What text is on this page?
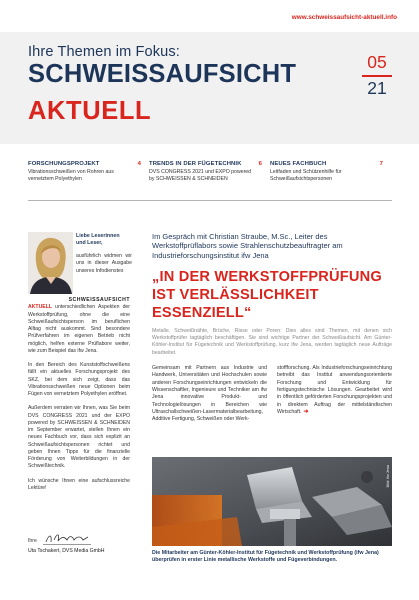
www.schweissaufsicht-aktuell.info
Ihre Themen im Fokus:
SCHWEISSAUFSICHT
AKTUELL
05
21
FORSCHUNGSPROJEKT	4
Vibrationsschweißen von Rohren aus vernetztem Polyethylen
TRENDS IN DER FÜGETECHNIK	6
DVS CONGRESS 2021 und EXPO powered by SCHWEISSEN & SCHNEIDEN
NEUES FACHBUCH	7
Leitfaden und Schützenhilfe für Schweißaufsichtspersonen
Liebe Leserinnen
und Leser,
ausführlich widmen wir uns in dieser Ausgabe unseres Infodienstes
SCHWEISSAUFSICHT

AKTUELL unterschiedlichen Aspekten der Werkstoffprüfung, ohne die eine Schweißaufsichtsperson im beruflichen Alltag nicht auskommt. Sind besondere Prüfverfahren im eigenen Betrieb nicht möglich, helfen externe Prüflabore weiter, wie zum Beispiel das ifw Jena.

In den Bereich des Kunststoffschweißens fällt ein aktuelles Forschungsprojekt des SKZ, bei dem sich zeigt, dass das Vibrationsschweißen neue Optionen beim Fügen von vernetztem Polyethylen eröffnet.

Außerdem verraten wir Ihnen, was Sie beim DVS CONGRESS 2021 und der EXPO powered by SCHWEISSEN & SCHNEIDEN im September erwartet, stellen Ihnen ein neues Fachbuch vor, dass sich explizit an Schweißaufsichtspersonen richtet und geben Ihnen Tipps für die finanzielle Förderung von Weiterbildungen in der Schweißtechnik.

Ich wünsche Ihnen eine aufschlussreiche Lektüre!

Ihre
Uta Tschakert, DVS Media GmbH
Im Gespräch mit Christian Straube, M.Sc., Leiter des Werkstoffprüflabors sowie Strahlenschutzbeauftragter am Industrieforschungsinstitut ifw Jena
„IN DER WERKSTOFFPRÜFUNG IST VERLÄSSLICHKEIT ESSENZIELL“
Metalle, Schweißnähte, Brüche, Risse oder Poren: Dies alles sind Themen, mit denen sich Werkstoffprüfer tagtäglich beschäftigen. Sie sind wichtige Partner der Schweißaufsicht. Am Günter-Köhler-Institut für Fügetechnik und Werkstoffprüfung, kurz ifw Jena, werden tagtäglich neue Aufträge bearbeitet.

Gemeinsam mit Partnern aus Industrie und Handwerk, Universitäten und Hochschulen sowie anderen Forschungseinrichtungen entwickeln die Wissenschaftler, Ingenieure und Techniker am ifw Jena innovative Produkt- und Technologielösungen in Bereichen wie Ultraschallschweißen-Lasermaterialbearbeitung, Additive Fertigung, Schweißen oder Werk-

stoffforschung. Als Industrieforschungseinrichtung betreibt das Institut anwendungsorientierte Forschung und Entwicklung für fertigungstechnische Lösungen. Gearbeitet wird in öffentlich geförderten Forschungsprojekten und in direktem Auftrag der mittelständischen Wirtschaft. ➔

Bild: ifw Jena
Die Mitarbeiter am Günter-Köhler-Institut für Fügetechnik und Werkstoffprüfung (ifw Jena) überprüfen in erster Linie metallische Werkstoffe und Fügeverbindungen.
